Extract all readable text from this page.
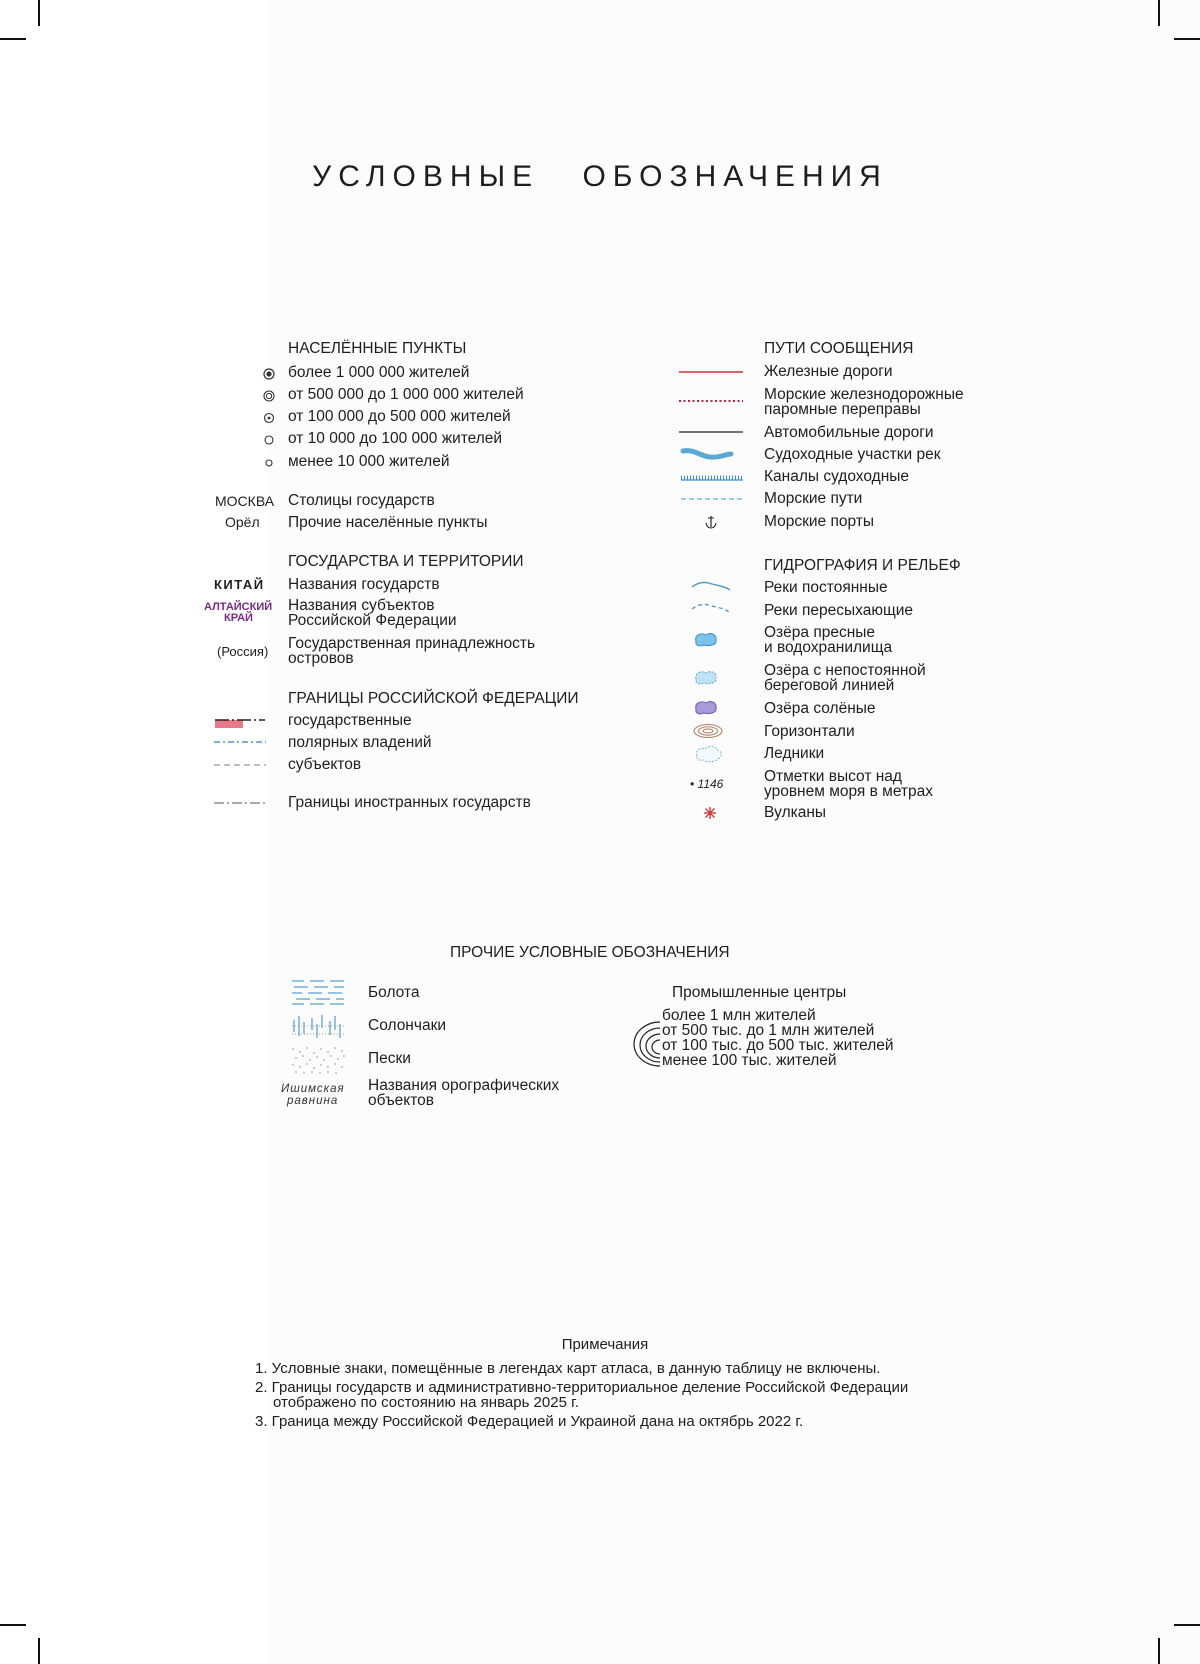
УСЛОВНЫЕ ОБОЗНАЧЕНИЯ
НАСЕЛЁННЫЕ ПУНКТЫ
более 1 000 000 жителей
от 500 000 до 1 000 000 жителей
от 100 000 до 500 000 жителей
от 10 000 до 100 000 жителей
менее 10 000 жителей
МОСКВА Столицы государств
Орёл Прочие населённые пункты
ГОСУДАРСТВА И ТЕРРИТОРИИ
КИТАЙ Названия государств
АЛТАЙСКИЙ
КРАЙ
Названия субъектов
Российской Федерации
(Россия) Государственная принадлежность
островов
ГРАНИЦЫ РОССИЙСКОЙ ФЕДЕРАЦИИ
государственные
полярных владений
субъектов
Границы иностранных государств
ПУТИ СООБЩЕНИЯ
Железные дороги
Морские железнодорожные
паромные переправы
Автомобильные дороги
Судоходные участки рек
Каналы судоходные
Морские пути
Морские порты
ГИДРОГРАФИЯ И РЕЛЬЕФ
Реки постоянные
Реки пересыхающие
Озёра пресные
и водохранилища
Озёра с непостоянной
береговой линией
Озёра солёные
Горизонтали
Ледники
• 1146	Отметки высот над
уровнем моря в метрах
Вулканы
ПРОЧИЕ УСЛОВНЫЕ ОБОЗНАЧЕНИЯ
Болота
Солончаки
Пески
Ишимская
равнина
Названия орографических
объектов
Промышленные центры
более 1 млн жителей
от 500 тыс. до 1 млн жителей
от 100 тыс. до 500 тыс. жителей
менее 100 тыс. жителей
Примечания
1. Условные знаки, помещённые в легендах карт атласа, в данную таблицу не включены.
2. Границы государств и административно-территориальное деление Российской Федерации
отображено по состоянию на январь 2025 г.
3. Граница между Российской Федерацией и Украиной дана на октябрь 2022 г.
